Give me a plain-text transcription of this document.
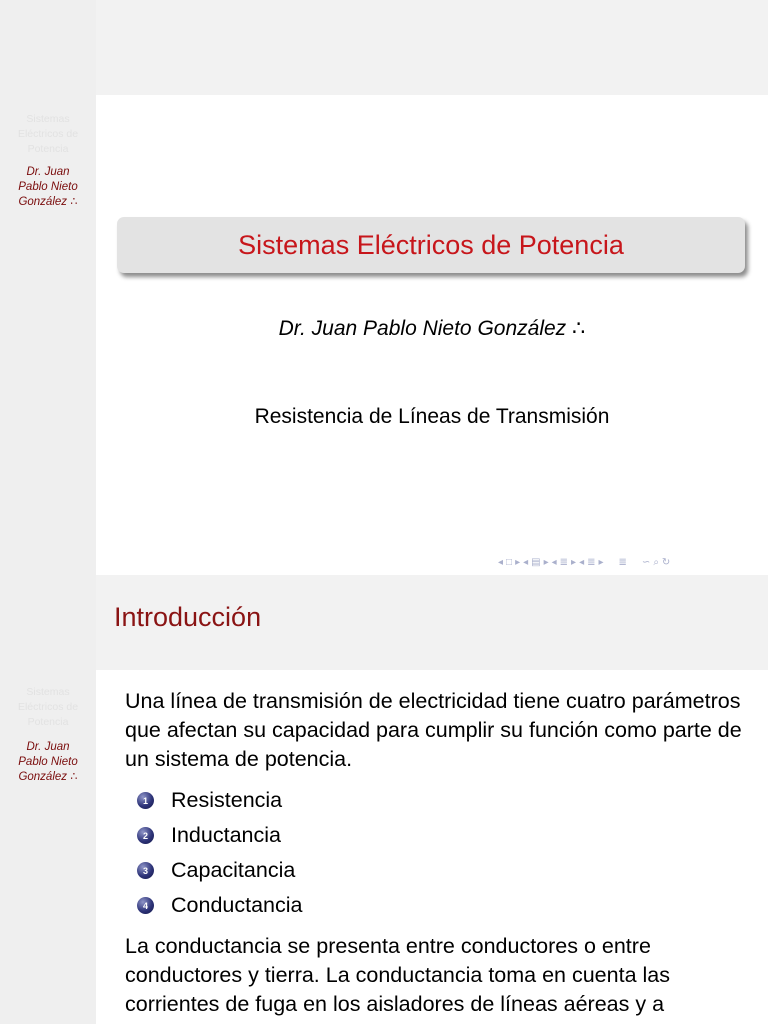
Sistemas
Eléctricos de
Potencia
Dr. Juan
Pablo Nieto
González ∴
Sistemas Eléctricos de Potencia
Dr. Juan Pablo Nieto González ∴
Resistencia de Líneas de Transmisión
◂ □ ▸ ◂ ▤ ▸ ◂ ≣ ▸ ◂ ≣ ▸ ≣ ∽ ⌕ ↻
Sistemas
Eléctricos de
Potencia
Dr. Juan
Pablo Nieto
González ∴
Introducción
Una línea de transmisión de electricidad tiene cuatro parámetros que afectan su capacidad para cumplir su función como parte de un sistema de potencia.
1 Resistencia
2 Inductancia
3 Capacitancia
4 Conductancia
La conductancia se presenta entre conductores o entre conductores y tierra. La conductancia toma en cuenta las corrientes de fuga en los aisladores de líneas aéreas y a
